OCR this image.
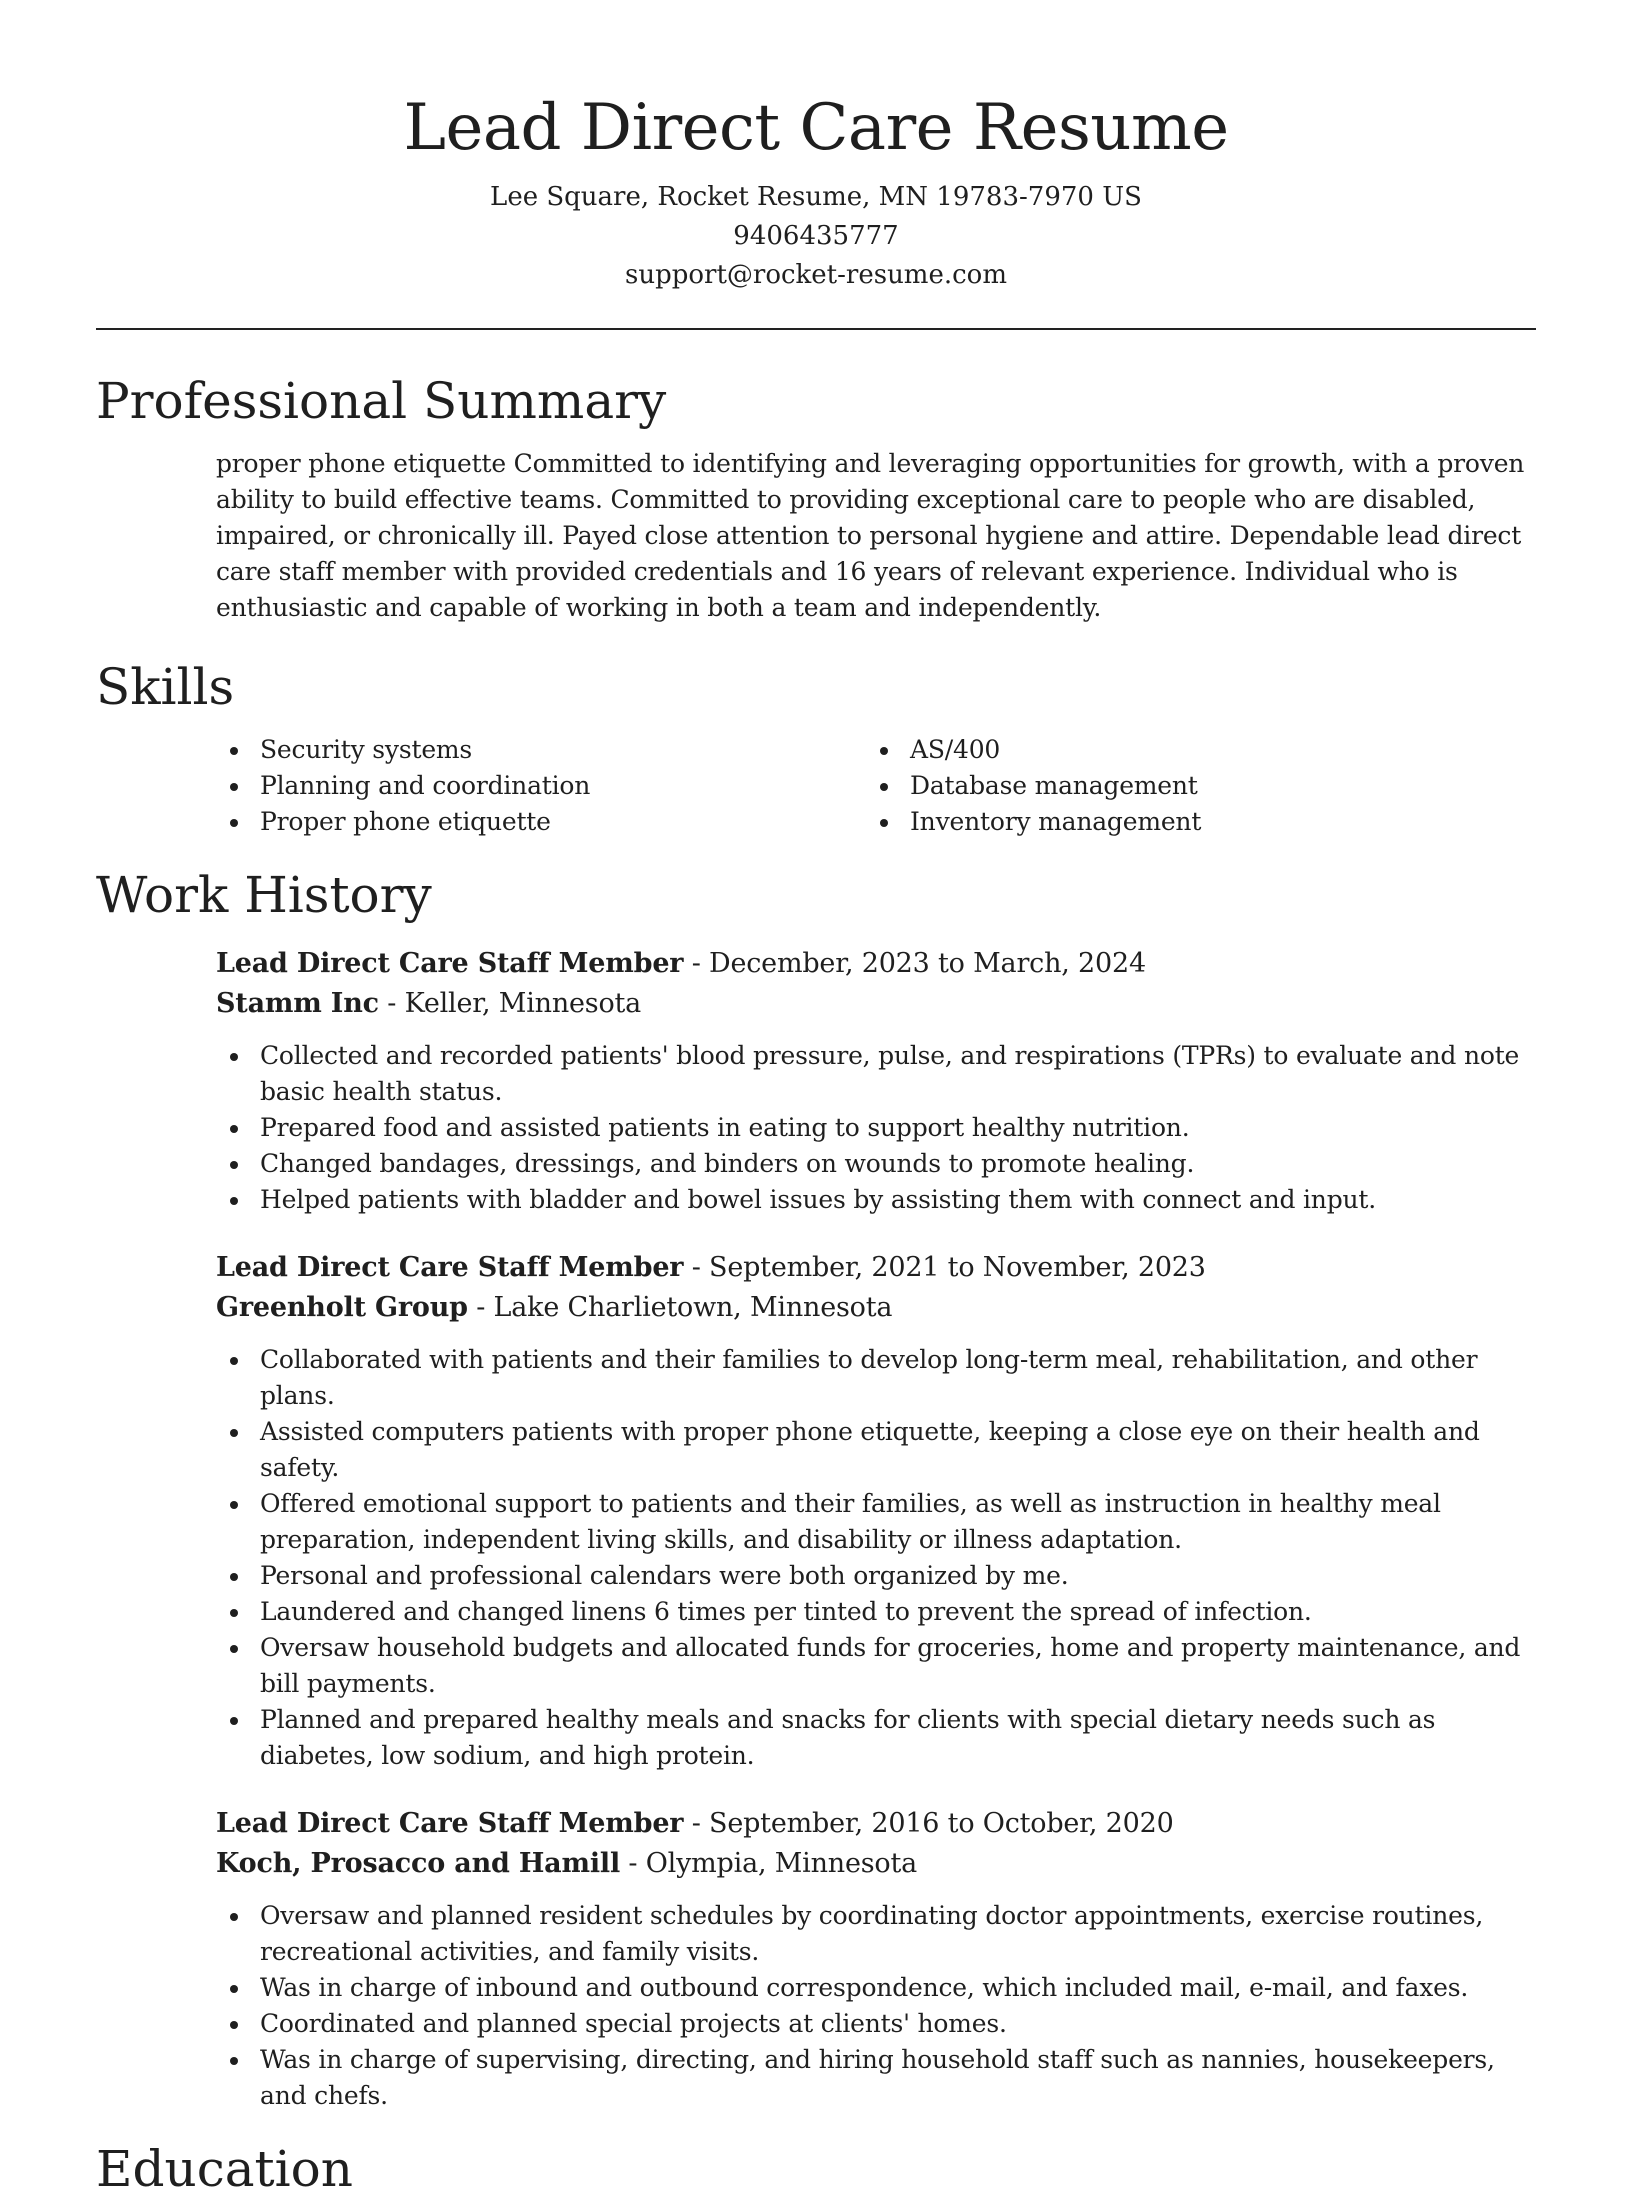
Lead Direct Care Resume

Lee Square, Rocket Resume, MN 19783-7970 US

9406435777

support@rocket-resume.com

Professional Summary

proper phone etiquette Committed to identifying and leveraging opportunities for growth, with a proven ability to build effective teams. Committed to providing exceptional care to people who are disabled, impaired, or chronically ill. Payed close attention to personal hygiene and attire. Dependable lead direct care staff member with provided credentials and 16 years of relevant experience. Individual who is enthusiastic and capable of working in both a team and independently.

Skills
Security systems
Planning and coordination
Proper phone etiquette
AS/400
Database management
Inventory management
Work History

Lead Direct Care Staff Member - December, 2023 to March, 2024

Stamm Inc - Keller, Minnesota

Collected and recorded patients' blood pressure, pulse, and respirations (TPRs) to evaluate and note basic health status.
Prepared food and assisted patients in eating to support healthy nutrition.
Changed bandages, dressings, and binders on wounds to promote healing.
Helped patients with bladder and bowel issues by assisting them with connect and input.

Lead Direct Care Staff Member - September, 2021 to November, 2023

Greenholt Group - Lake Charlietown, Minnesota

Collaborated with patients and their families to develop long-term meal, rehabilitation, and other plans.
Assisted computers patients with proper phone etiquette, keeping a close eye on their health and safety.
Offered emotional support to patients and their families, as well as instruction in healthy meal preparation, independent living skills, and disability or illness adaptation.
Personal and professional calendars were both organized by me.
Laundered and changed linens 6 times per tinted to prevent the spread of infection.
Oversaw household budgets and allocated funds for groceries, home and property maintenance, and bill payments.
Planned and prepared healthy meals and snacks for clients with special dietary needs such as diabetes, low sodium, and high protein.

Lead Direct Care Staff Member - September, 2016 to October, 2020

Koch, Prosacco and Hamill - Olympia, Minnesota

Oversaw and planned resident schedules by coordinating doctor appointments, exercise routines, recreational activities, and family visits.
Was in charge of inbound and outbound correspondence, which included mail, e-mail, and faxes.
Coordinated and planned special projects at clients' homes.
Was in charge of supervising, directing, and hiring household staff such as nannies, housekeepers, and chefs.
Education
